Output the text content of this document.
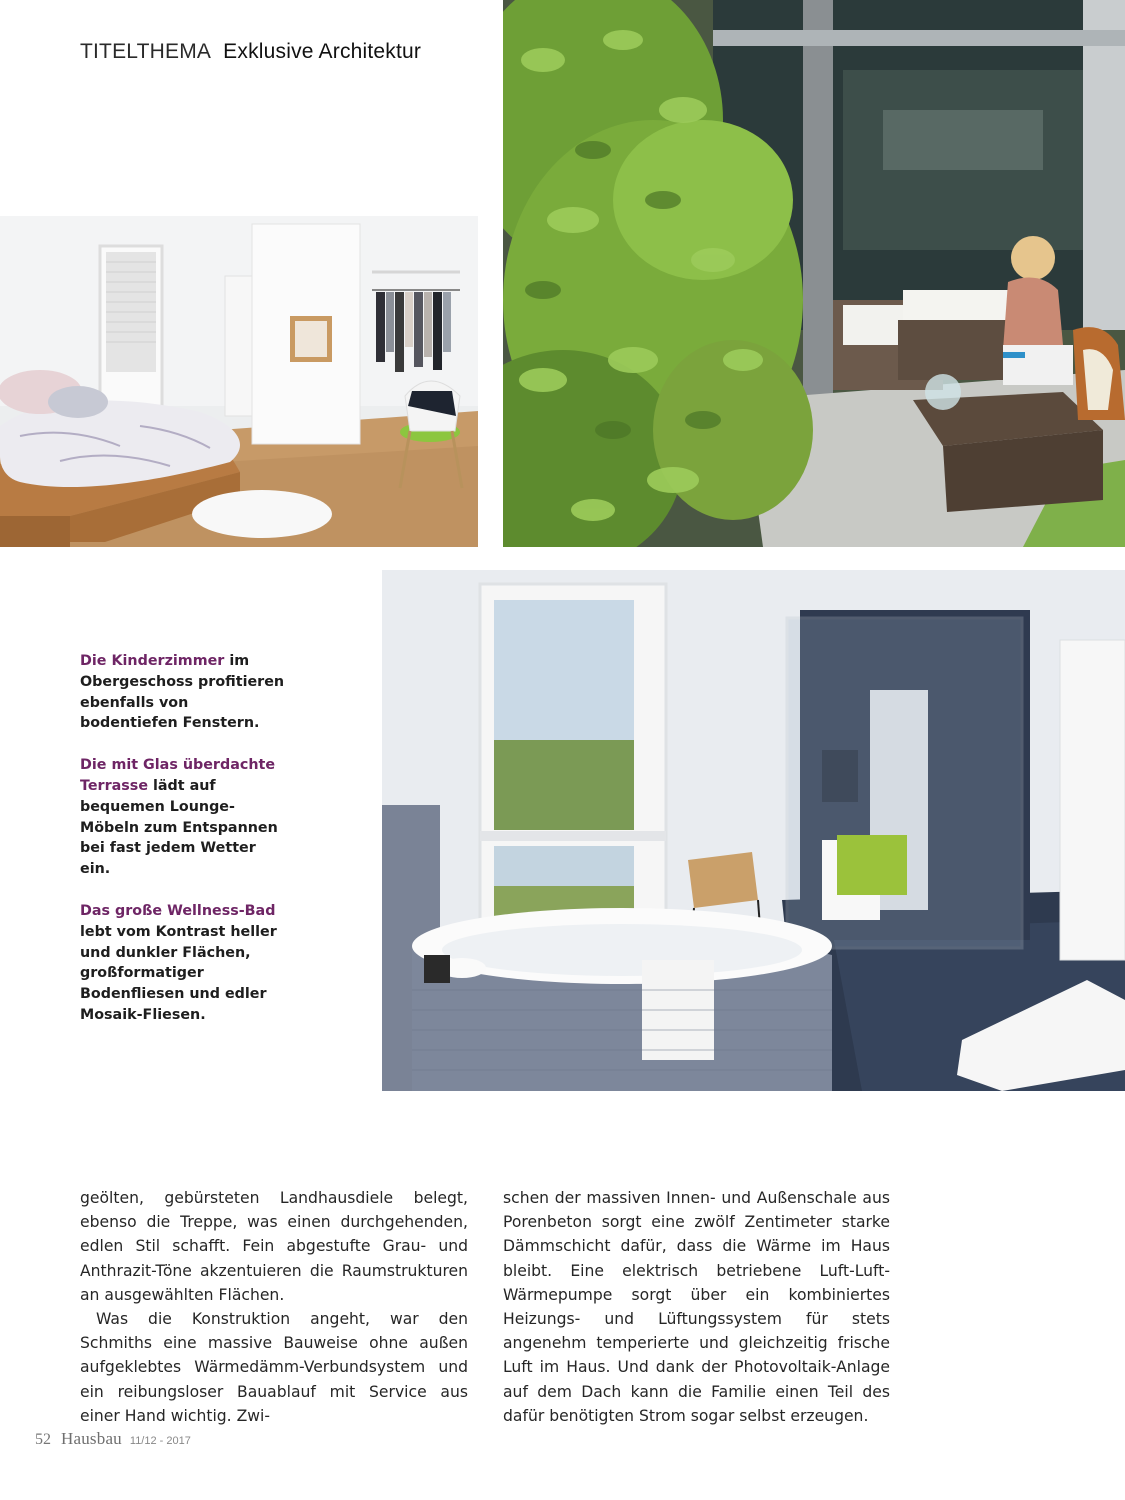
TITELTHEMA Exklusive Architektur

Die Kinderzimmer im Obergeschoss profitieren ebenfalls von bodentiefen Fenstern.

Die mit Glas überdachte Terrasse lädt auf bequemen Lounge-Möbeln zum Entspannen bei fast jedem Wetter ein.

Das große Wellness-Bad lebt vom Kontrast heller und dunkler Flächen, großformatiger Bodenfliesen und edler Mosaik-Fliesen.

geölten, gebürsteten Landhausdiele belegt, ebenso die Treppe, was einen durchgehenden, edlen Stil schafft. Fein abgestufte Grau- und Anthrazit-Töne akzentuieren die Raumstrukturen an ausgewählten Flächen.

Was die Konstruktion angeht, war den Schmiths eine massive Bauweise ohne außen aufgeklebtes Wärmedämm-Verbundsystem und ein reibungsloser Bauablauf mit Service aus einer Hand wichtig. Zwi-

schen der massiven Innen- und Außenschale aus Porenbeton sorgt eine zwölf Zentimeter starke Dämmschicht dafür, dass die Wärme im Haus bleibt. Eine elektrisch betriebene Luft-Luft-Wärmepumpe sorgt über ein kombiniertes Heizungs- und Lüftungssystem für stets angenehm temperierte und gleichzeitig frische Luft im Haus. Und dank der Photovoltaik-Anlage auf dem Dach kann die Familie einen Teil des dafür benötigten Strom sogar selbst erzeugen.

52 Hausbau 11/12 - 2017
